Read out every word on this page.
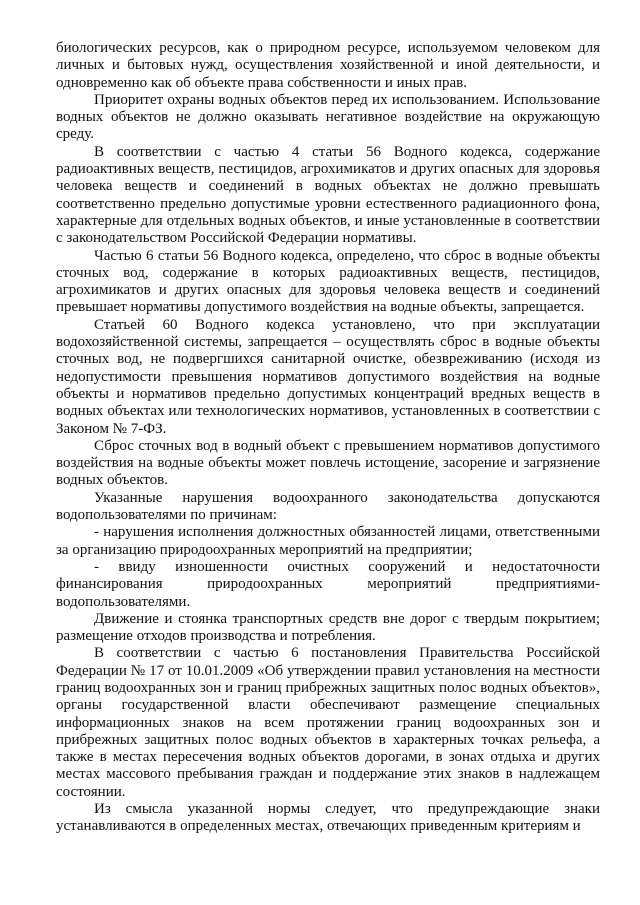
биологических ресурсов, как о природном ресурсе, используемом человеком для личных и бытовых нужд, осуществления хозяйственной и иной деятельности, и одновременно как об объекте права собственности и иных прав.

Приоритет охраны водных объектов перед их использованием. Использование водных объектов не должно оказывать негативное воздействие на окружающую среду.

В соответствии с частью 4 статьи 56 Водного кодекса, содержание радиоактивных веществ, пестицидов, агрохимикатов и других опасных для здоровья человека веществ и соединений в водных объектах не должно превышать соответственно предельно допустимые уровни естественного радиационного фона, характерные для отдельных водных объектов, и иные установленные в соответствии с законодательством Российской Федерации нормативы.

Частью 6 статьи 56 Водного кодекса, определено, что сброс в водные объекты сточных вод, содержание в которых радиоактивных веществ, пестицидов, агрохимикатов и других опасных для здоровья человека веществ и соединений превышает нормативы допустимого воздействия на водные объекты, запрещается.

Статьей 60 Водного кодекса установлено, что при эксплуатации водохозяйственной системы, запрещается – осуществлять сброс в водные объекты сточных вод, не подвергшихся санитарной очистке, обезвреживанию (исходя из недопустимости превышения нормативов допустимого воздействия на водные объекты и нормативов предельно допустимых концентраций вредных веществ в водных объектах или технологических нормативов, установленных в соответствии с Законом № 7-ФЗ.

Сброс сточных вод в водный объект с превышением нормативов допустимого воздействия на водные объекты может повлечь истощение, засорение и загрязнение водных объектов.

Указанные нарушения водоохранного законодательства допускаются водопользователями по причинам:

- нарушения исполнения должностных обязанностей лицами, ответственными за организацию природоохранных мероприятий на предприятии;

- ввиду изношенности очистных сооружений и недостаточности финансирования природоохранных мероприятий предприятиями-водопользователями.

Движение и стоянка транспортных средств вне дорог с твердым покрытием; размещение отходов производства и потребления.

В соответствии с частью 6 постановления Правительства Российской Федерации № 17 от 10.01.2009 «Об утверждении правил установления на местности границ водоохранных зон и границ прибрежных защитных полос водных объектов», органы государственной власти обеспечивают размещение специальных информационных знаков на всем протяжении границ водоохранных зон и прибрежных защитных полос водных объектов в характерных точках рельефа, а также в местах пересечения водных объектов дорогами, в зонах отдыха и других местах массового пребывания граждан и поддержание этих знаков в надлежащем состоянии.

Из смысла указанной нормы следует, что предупреждающие знаки устанавливаются в определенных местах, отвечающих приведенным критериям и
